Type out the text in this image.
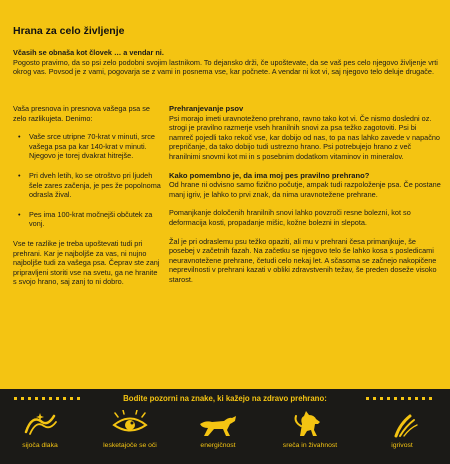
Hrana za celo življenje
Včasih se obnaša kot človek … a vendar ni.
Pogosto pravimo, da so psi zelo podobni svojim lastnikom. To dejansko drži, če upoštevate, da se vaš pes celo njegovo življenje vrti okrog vas. Povsod je z vami, pogovarja se z vami in posnema vse, kar počnete. A vendar ni kot vi, saj njegovo telo deluje drugače.

Vaša presnova in presnova vašega psa se zelo razlikujeta. Denimo:

• Vaše srce utripne 70-krat v minuti, srce vašega psa pa kar 140-krat v minuti. Njegovo je torej dvakrat hitrejše.
• Pri dveh letih, ko se otroštvo pri ljudeh šele zares začenja, je pes že popolnoma odrasla žival.
• Pes ima 100-krat močnejši občutek za vonj.

Vse te razlike je treba upoštevati tudi pri prehrani. Kar je najboljše za vas, ni nujno najboljše tudi za vašega psa. Čeprav ste zanj pripravljeni storiti vse na svetu, ga ne hranite s svojo hrano, saj zanj to ni dobro.

Prehranjevanje psov

Psi morajo imeti uravnoteženo prehrano, ravno tako kot vi. Če nismo dosledni oz. strogi je pravilno razmerje vseh hranilnih snovi za psa težko zagotoviti. Psi bi namreč pojedli tako rekoč vse, kar dobijo od nas, to pa nas lahko zavede v napačno prepričanje, da tako dobijo tudi ustrezno hrano. Psi potrebujejo hrano z več hranilnimi snovmi kot mi in s posebnim dodatkom vitaminov in mineralov.

Kako pomembno je, da ima moj pes pravilno prehrano?

Od hrane ni odvisno samo fizično počutje, ampak tudi razpoloženje psa. Če postane manj igriv, je lahko to prvi znak, da nima uravnotežene prehrane.

Pomanjkanje določenih hranilnih snovi lahko povzroči resne bolezni, kot so deformacija kosti, propadanje mišic, kožne bolezni in slepota.

Žal je pri odraslemu psu težko opaziti, ali mu v prehrani česa primanjkuje, še posebej v začetnih fazah. Na začetku se njegovo telo še lahko kosa s posledicami neuravnotežene prehrane, četudi celo nekaj let. A sčasoma se začnejo nakopičene neprevilnosti v prehrani kazati v obliki zdravstvenih težav, še preden doseže visoko starost.

Bodite pozorni na znake, ki kažejo na zdravo prehrano:
sijoča dlaka	lesketajoče se oči	energičnost	sreča in živahnost	igrivost
